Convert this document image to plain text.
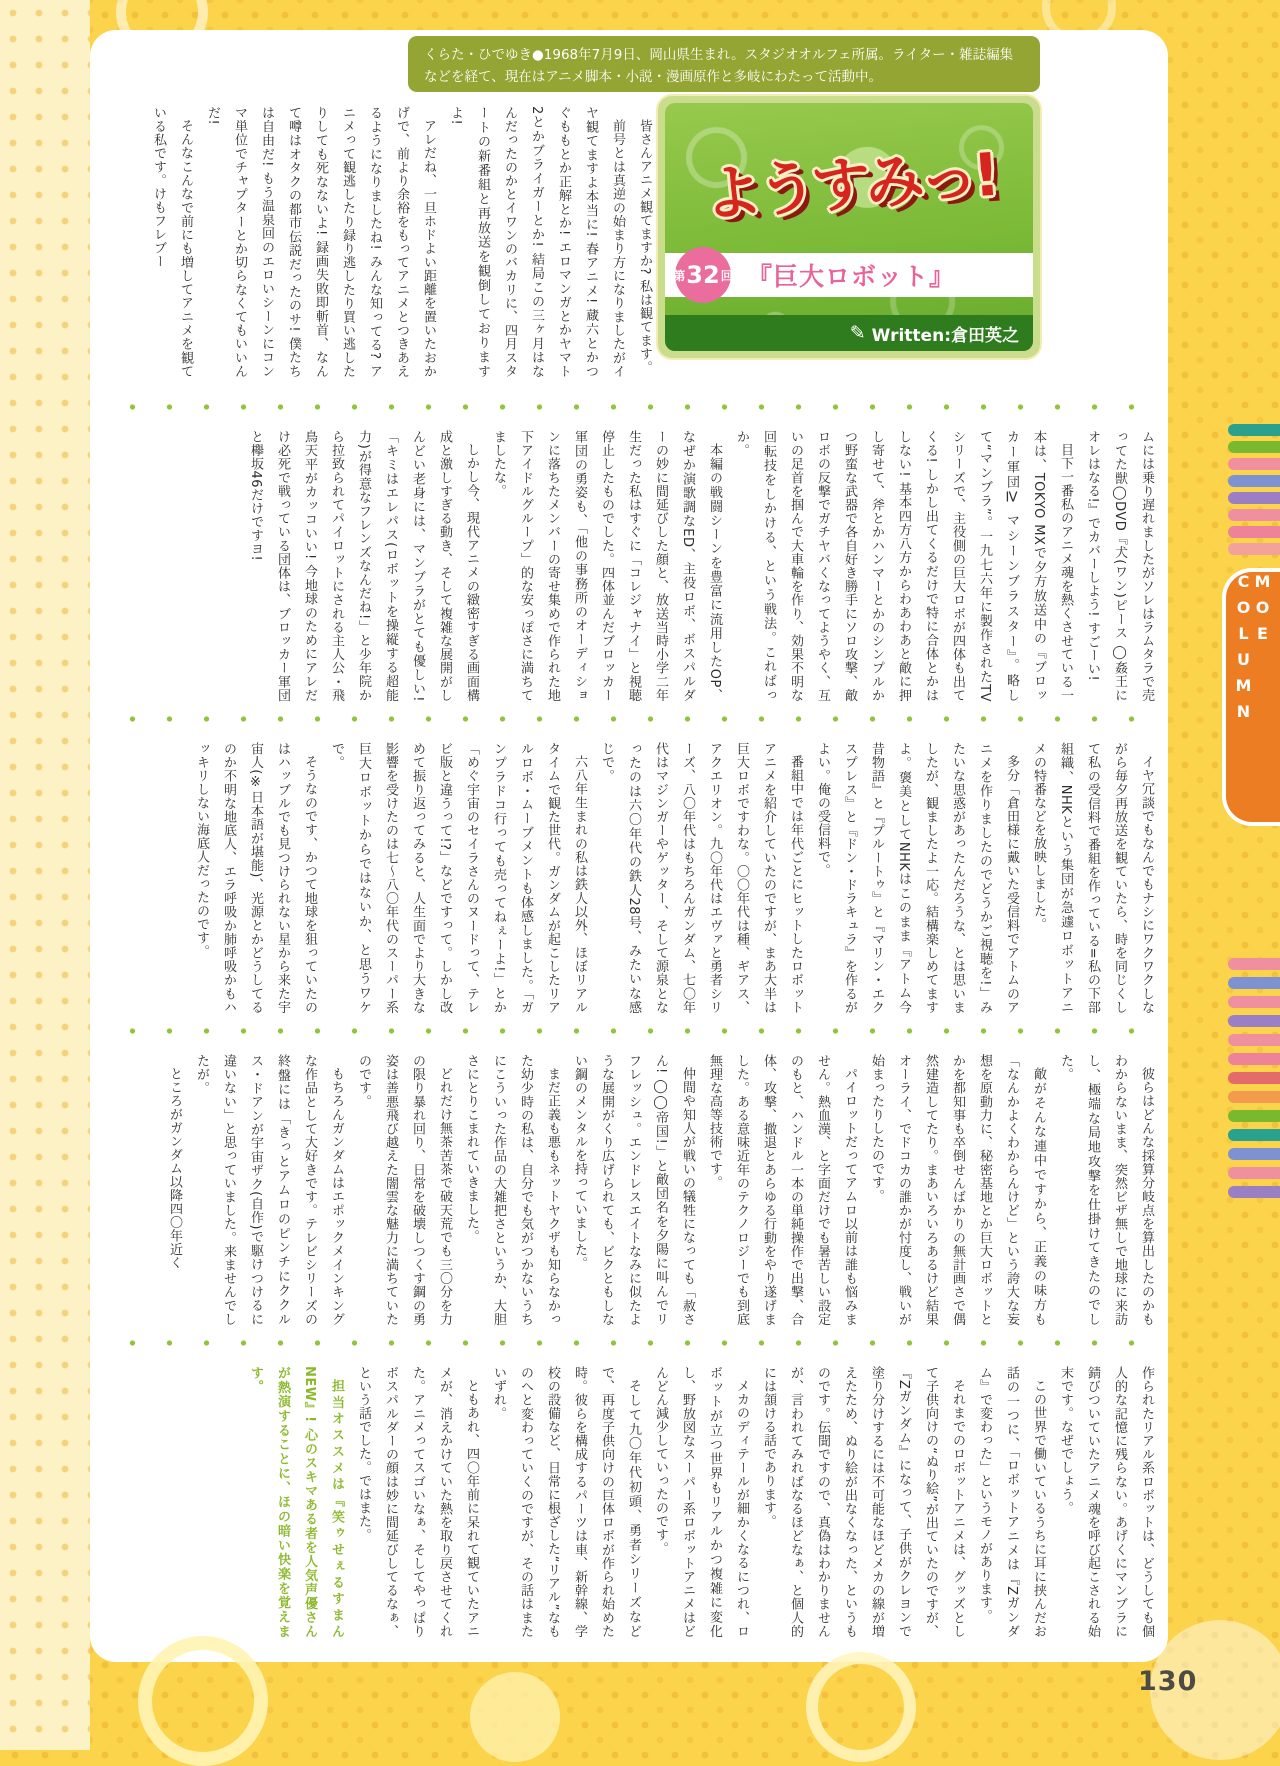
くらた・ひでゆき●1968年7月9日、岡山県生まれ。スタジオオルフェ所属。ライター・雑誌編集などを経て、現在はアニメ脚本・小説・漫画原作と多岐にわたって活動中。
ようすみっ!
第 32 回 『巨大ロボット』
✎ Written:倉田英之

皆さんアニメ観てますか? 私は観てます。

前号とは真逆の始まり方になりましたがイヤ観てますよ本当に! 春アニメ! 蔵六とかつぐももとか正解とか! エロマンガとかヤマト2とかブライガーとか! 結局この三ヶ月はなんだったのかとイワンのバカリに、四月スタートの新番組と再放送を観倒しておりますよ!

アレだね、一旦ホドよい距離を置いたおかげで、前より余裕をもってアニメとつきあえるようになりましたね! みんな知ってる? アニメって観逃したり録り逃したり買い逃したりしても死なないよ! 録画失敗即斬首、なんて噂はオタクの都市伝説だったのサ! 僕たちは自由だ! もう温泉回のエロいシーンにコンマ単位でチャプターとか切らなくてもいいんだ!

そんなこんなで前にも増してアニメを観ている私です。けもフレブー

ムには乗り遅れましたがソレはラムタラで売ってた獣◯DVD『犬(ワン)ピース ◯姦王にオレはなる!』でカバーしよう! すごーい!

目下一番私のアニメ魂を熱くさせている一本は、TOKYO MXで夕方放送中の『ブロッカー軍団Ⅳ マシーンブラスター』。略して“マンブラ”。一九七六年に製作されたTVシリーズで、主役側の巨大ロボが四体も出てくる! しかし出てくるだけで特に合体とかはしない! 基本四方八方からわあわあと敵に押し寄せて、斧とかハンマーとかのシンプルかつ野蛮な武器で各自好き勝手にソロ攻撃、敵ロボの反撃でガチヤバくなってようやく、互いの足首を掴んで大車輪を作り、効果不明な回転技をしかける、という戦法。こればっか。

本編の戦闘シーンを豊富に流用したOP、なぜか演歌調なED、主役ロボ、ボスパルダーの妙に間延びした顔と、放送当時小学二年生だった私はすぐに「コレジャナイ」と視聴停止したものでした。四体並んだブロッカー軍団の勇姿も、「他の事務所のオーディションに落ちたメンバーの寄せ集めで作られた地下アイドルグループ」的な安っぽさに満ちてましたな。

しかし今、現代アニメの緻密すぎる画面構成と激しすぎる動き、そして複雑な展開がしんどい老身には、マンブラがとても優しい! 「キミはエレパス(ロボットを操縦する超能力)が得意なフレンズなんだね!」と少年院から拉致られてパイロットにされる主人公・飛鳥天平がカッコいい! 今地球のためにアレだけ必死で戦っている団体は、ブロッカー軍団と欅坂46だけですヨ!

イヤ冗談でもなんでもナシにワクワクしながら毎夕再放送を観ていたら、時を同じくして私の受信料で番組を作っている=私の下部組織、NHKという集団が急遽ロボットアニメの特番などを放映しました。

多分「倉田様に戴いた受信料でアトムのアニメを作りましたのでどうかご視聴を!」みたいな思惑があったんだろうな、とは思いましたが、観ましたよ一応。結構楽しめてますよ。褒美としてNHKはこのまま『アトム今昔物語』と『プルートゥ』と『マリン・エクスプレス』と『ドン・ドラキュラ』を作るがよい。俺の受信料で。

番組中では年代ごとにヒットしたロボットアニメを紹介していたのですが、まあ大半は巨大ロボですわな。〇〇年代は種、ギアス、アクエリオン。九〇年代はエヴァと勇者シリーズ、八〇年代はもちろんガンダム、七〇年代はマジンガーやゲッター、そして源泉となったのは六〇年代の鉄人28号、みたいな感じで。

六八年生まれの私は鉄人以外、ほぼリアルタイムで観た世代。ガンダムが起こしたリアルロボ・ムーブメントも体感しました。「ガンプラドコ行っても売ってねぇーよ!」とか「めぐ宇宙のセイラさんのヌードって、テレビ版と違うって!?」などですって。しかし改めて振り返ってみると、人生面でより大きな影響を受けたのは七〜八〇年代のスーパー系巨大ロボットからではないか、と思うワケで。

そうなのです、かつて地球を狙っていたのはハッブルでも見つけられない星から来た宇宙人(※日本語が堪能)、光源とかどうしてるのか不明な地底人、エラ呼吸か肺呼吸かもハッキリしない海底人だったのです。

彼らはどんな採算分岐点を算出したのかもわからないまま、突然ビザ無しで地球に来訪し、極端な局地攻撃を仕掛けてきたのでした。

敵がそんな連中ですから、正義の味方も「なんかよくわからんけど」という誇大な妄想を原動力に、秘密基地とか巨大ロボットとかを都知事も卒倒せんばかりの無計画さで偶然建造してたり。まあいろいろあるけど結果オーライ、でドコカの誰かが忖度し、戦いが始まったりしたのです。

パイロットだってアムロ以前は誰も悩みません。熱血漢、と字面だけでも暑苦しい設定のもと、ハンドル一本の単純操作で出撃、合体、攻撃、撤退とあらゆる行動をやり遂げました。ある意味近年のテクノロジーでも到底無理な高等技術です。

仲間や知人が戦いの犠牲になっても「赦さん! ◯◯帝国!」と敵団名を夕陽に叫んでリフレッシュ。エンドレスエイトなみに似たような展開がくり広げられても、ビクともしない鋼のメンタルを持っていました。

まだ正義も悪もネットヤクザも知らなかった幼少時の私は、自分でも気がつかないうちにこういった作品の大雑把さというか、大胆さにとりこまれていきました。

どれだけ無茶苦茶で破天荒でも三〇分を力の限り暴れ回り、日常を破壊しつくす鋼の勇姿は善悪飛び越えた闇雲な魅力に満ちていたのです。

もちろんガンダムはエポックメインキングな作品として大好きです。テレビシリーズの終盤には「きっとアムロのピンチにククルス・ドアンが宇宙ザク(自作)で駆けつけるに違いない」と思っていました。来ませんでしたが。

ところがガンダム以降四〇年近く

作られたリアル系ロボットは、どうしても個人的な記憶に残らない。あげくにマンブラに錆びついていたアニメ魂を呼び起こされる始末です。なぜでしょう。

この世界で働いているうちに耳に挟んだお話の一つに、「ロボットアニメは『Zガンダム』で変わった」というモノがあります。

それまでのロボットアニメは、グッズとして子供向けの“ぬり絵”が出ていたのですが、『Zガンダム』になって、子供がクレヨンで塗り分けするには不可能なほどメカの線が増えたため、ぬり絵が出なくなった、というものです。伝聞ですので、真偽はわかりませんが、言われてみればなるほどなぁ、と個人的には頷ける話であります。

メカのディテールが細かくなるにつれ、ロボットが立つ世界もリアルかつ複雑に変化し、野放図なスーパー系ロボットアニメはどんどん減少していったのです。

そして九〇年代初頭、勇者シリーズなどで、再度子供向けの巨体ロボが作られ始めた時。彼らを構成するパーツは車、新幹線、学校の設備など、日常に根ざした“リアル”なものへと変わっていくのですが、その話はまたいずれ。

ともあれ、四〇年前に呆れて観ていたアニメが、消えかけていた熱を取り戻させてくれた。アニメってスゴいなぁ、そしてやっぱりボスパルダーの顔は妙に間延びしてるなぁ、という話でした。ではまた。

担当オススメは『笑ゥせぇるすまんNEW』! 心のスキマある者を人気声優さんが熱演することに、ほの暗い快楽を覚えます。

MOE COLUMN
130
